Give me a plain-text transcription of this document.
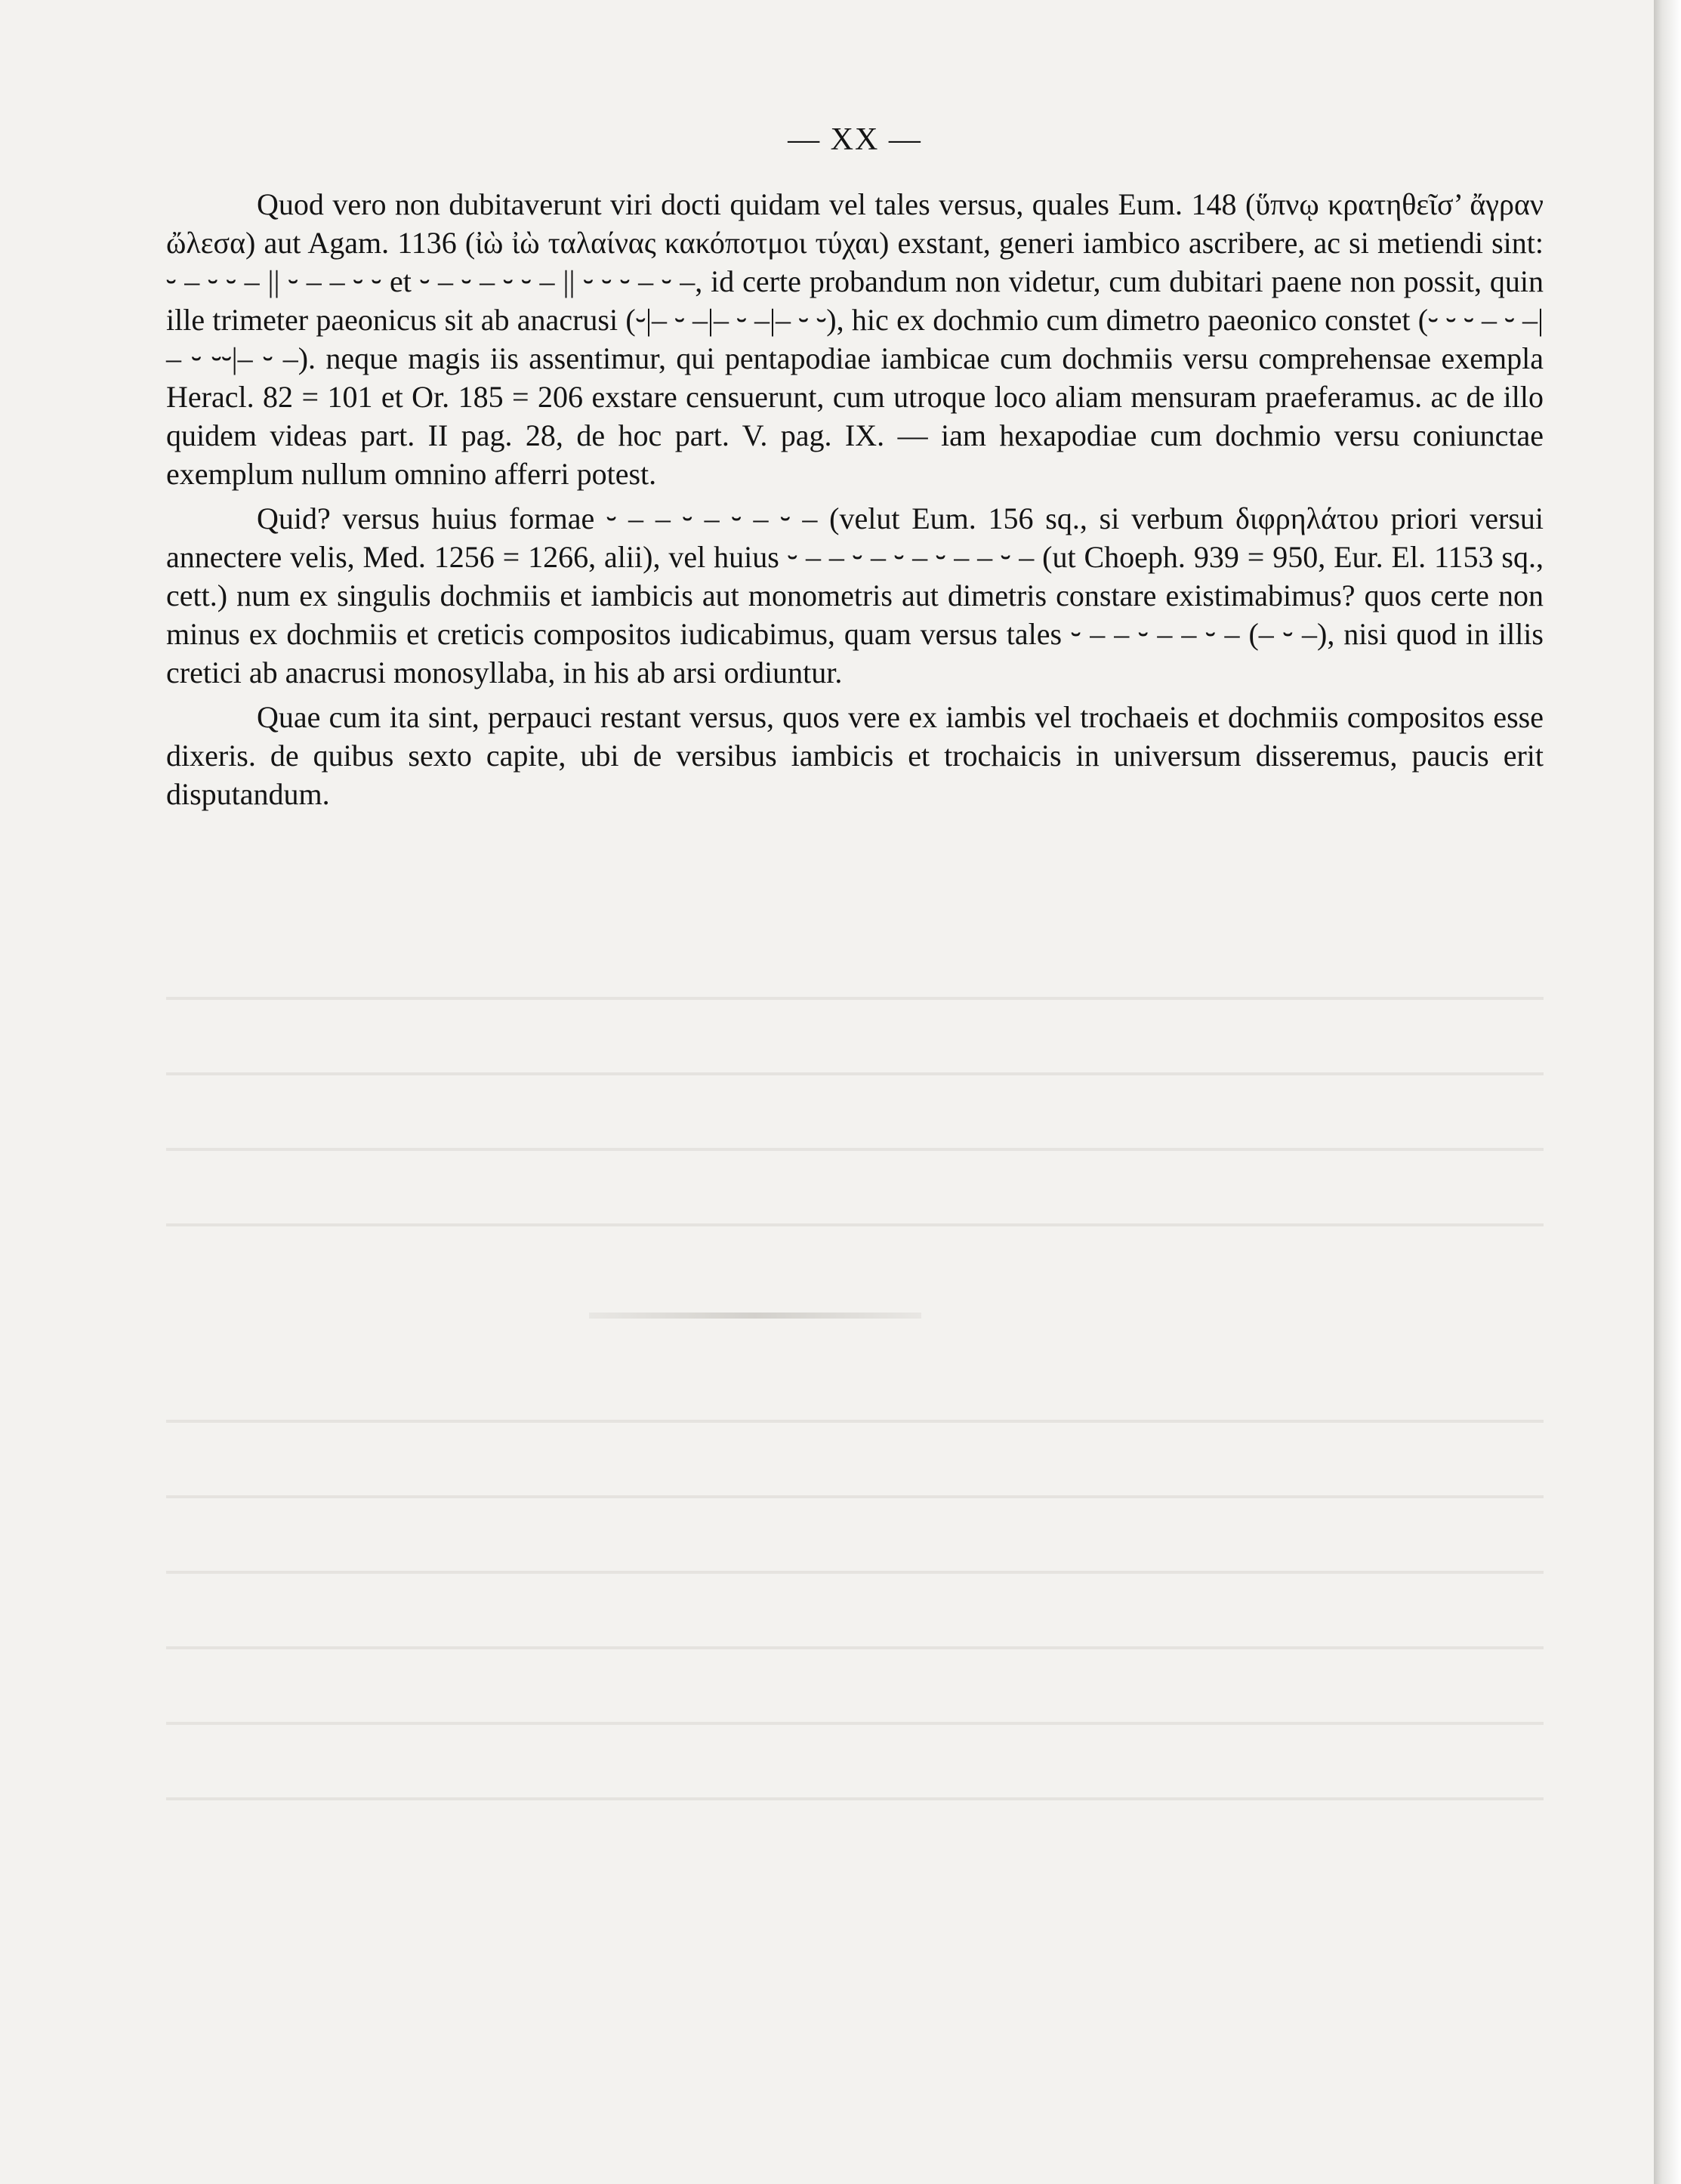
— XX —

Quod vero non dubitaverunt viri docti quidam vel tales versus, quales Eum. 148 (ὕπνῳ κρατηθεῖσ’ ἄγραν ὤλεσα) aut Agam. 1136 (ἰὼ ἰὼ ταλαίνας κακόποτμοι τύχαι) exstant, generi iambico ascribere, ac si metiendi sint: ⏑ – ⏑ ⏑ – || ⏑ – – ⏑ ⏑ et ⏑ – ⏑ – ⏑ ⏑ – || ⏑ ⏑ ⏑ – ⏑ –, id certe probandum non videtur, cum dubitari paene non possit, quin ille trimeter paeonicus sit ab anacrusi (⏑|– ⏑ –|– ⏑ –|– ⏑ ⏑), hic ex dochmio cum dimetro paeonico constet (⏑ ⏑ ⏑ – ⏑ –| – ⏑ ⏑⏑|– ⏑ –). neque magis iis assentimur, qui pentapodiae iambicae cum dochmiis versu comprehensae exempla Heracl. 82 = 101 et Or. 185 = 206 exstare censuerunt, cum utroque loco aliam mensuram praeferamus. ac de illo quidem videas part. II pag. 28, de hoc part. V. pag. IX. — iam hexapodiae cum dochmio versu coniunctae exemplum nullum omnino afferri potest.

Quid? versus huius formae ⏑ – – ⏑ – ⏑ – ⏑ – (velut Eum. 156 sq., si verbum διφρηλάτου priori versui annectere velis, Med. 1256 = 1266, alii), vel huius ⏑ – – ⏑ – ⏑ – ⏑ – – ⏑ – (ut Choeph. 939 = 950, Eur. El. 1153 sq., cett.) num ex singulis dochmiis et iambicis aut monometris aut dimetris constare existimabimus? quos certe non minus ex dochmiis et creticis compositos iudicabimus, quam versus tales ⏑ – – ⏑ – – ⏑ – (– ⏑ –), nisi quod in illis cretici ab anacrusi monosyllaba, in his ab arsi ordiuntur.

Quae cum ita sint, perpauci restant versus, quos vere ex iambis vel trochaeis et dochmiis compositos esse dixeris. de quibus sexto capite, ubi de versibus iambicis et trochaicis in universum disseremus, paucis erit disputandum.
